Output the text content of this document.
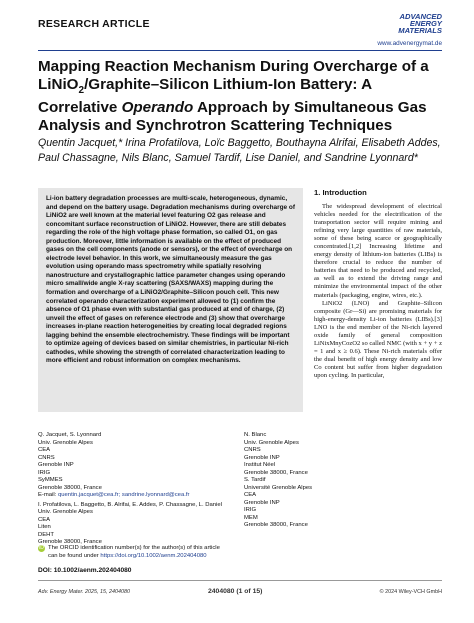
RESEARCH ARTICLE
ADVANCED
ENERGY
MATERIALS
www.advenergymat.de
Mapping Reaction Mechanism During Overcharge of a LiNiO$_2$/Graphite–Silicon Lithium-Ion Battery: A Correlative Operando Approach by Simultaneous Gas Analysis and Synchrotron Scattering Techniques
Quentin Jacquet,* Irina Profatilova, Loïc Baggetto, Bouthayna Alrifai, Elisabeth Addes, Paul Chassagne, Nils Blanc, Samuel Tardif, Lise Daniel, and Sandrine Lyonnard*
Li-ion battery degradation processes are multi-scale, heterogeneous, dynamic, and depend on the battery usage. Degradation mechanisms during overcharge of LiNiO2 are well known at the material level featuring O2 gas release and concomitant surface reconstruction of LiNiO2. However, there are still debates regarding the role of the high voltage phase formation, so called O1, on gas production. Moreover, little information is available on the effect of produced gases on the cell components (anode or sensors), or the effect of overcharge on electrode level behavior. In this work, we simultaneously measure the gas evolution using operando mass spectrometry while spatially resolving nanostructure and crystallographic lattice parameter changes using operando micro small/wide angle X-ray scattering (SAXS/WAXS) mapping during the formation and overcharge of a LiNiO2/Graphite–Silicon pouch cell. This new correlated operando characterization experiment allowed to (1) confirm the absence of O1 phase even with substantial gas produced at end of charge, (2) unveil the effect of gases on reference electrode and (3) show that overcharge increases in-plane reaction heterogeneities by creating local degraded regions lagging behind the ensemble electrochemistry. These findings will be important to optimize ageing of devices based on similar chemistries, in particular Ni-rich cathodes, while showing the strength of correlated characterization leading to more efficient and robust information on complex mechanisms.
1. Introduction

The widespread development of electrical vehicles needed for the electrification of the transportation sector will require mining and refining very large quantities of raw materials, some of these being scarce or geographically concentrated.[1,2] Increasing lifetime and energy density of lithium-ion batteries (LIBs) is therefore crucial to reduce the number of batteries that need to be produced and recycled, as well as to extend the driving range and minimize the environmental impact of the other materials (packaging, engine, wires, etc.).

LiNiO2 (LNO) and Graphite–Silicon composite (Gr—Si) are promising materials for high-energy-density Li-ion batteries (LIBs).[3] LNO is the end member of the Ni-rich layered oxide family of general composition LiNixMnyCozO2 so called NMC (with x + y + z = 1 and x ≥ 0.6). These Ni-rich materials offer the dual benefit of high energy density and low Co content but suffer from higher degradation upon cycling. In particular,

Q. Jacquet, S. Lyonnard
Univ. Grenoble Alpes
CEA
CNRS
Grenoble INP
IRIG
SyMMES
Grenoble 38000, France
E-mail: quentin.jacquet@cea.fr; sandrine.lyonnard@cea.fr
I. Profatilova, L. Baggetto, B. Alrifai, E. Addes, P. Chassagne, L. Daniel
Univ. Grenoble Alpes
CEA
Liten
DEHT
Grenoble 38000, France
N. Blanc
Univ. Grenoble Alpes
CNRS
Grenoble INP
Institut Néel
Grenoble 38000, France
S. Tardif
Université Grenoble Alpes
CEA
Grenoble INP
IRIG
MEM
Grenoble 38000, France
iD The ORCID identification number(s) for the author(s) of this article
can be found under https://doi.org/10.1002/aenm.202404080
DOI: 10.1002/aenm.202404080
Adv. Energy Mater. 2025, 15, 2404080	2404080 (1 of 15)	© 2024 Wiley-VCH GmbH
